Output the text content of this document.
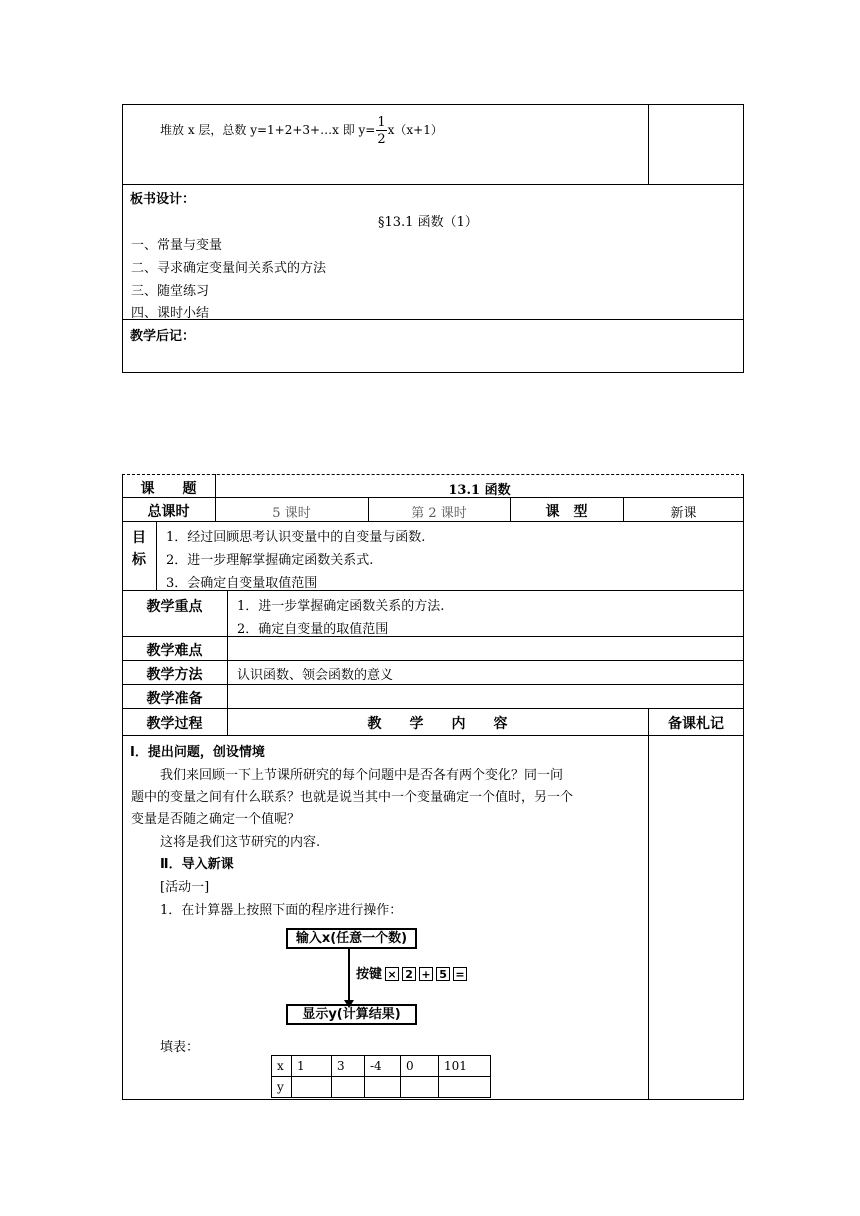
堆放 x 层，总数 y=1+2+3+…x 即 $y= \frac{1}{2} x(x+1)$
板书设计：
§13.1 函数（1）
一、常量与变量
二、寻求确定变量间关系式的方法
三、随堂练习
四、课时小结
教学后记：
课　　题	13.1 函数
总课时	5 课时	第 2 课时	课　型	新课
目
标
1．经过回顾思考认识变量中的自变量与函数.
2．进一步理解掌握确定函数关系式.
3．会确定自变量取值范围
教学重点	1．进一步掌握确定函数关系的方法.
2．确定自变量的取值范围
教学难点
教学方法	认识函数、领会函数的意义
教学准备
教学过程	教　　学　　内　　容	备课札记
Ⅰ．提出问题，创设情境
我们来回顾一下上节课所研究的每个问题中是否各有两个变化？同一问
题中的变量之间有什么联系？也就是说当其中一个变量确定一个值时，另一个
变量是否随之确定一个值呢？
这将是我们这节研究的内容.
Ⅱ．导入新课
[活动一]
1．在计算器上按照下面的程序进行操作：
输入x(任意一个数)
按键 × 2 + 5 =
显示y(计算结果)
填表：
x	1	3	-4	0	101
y					
